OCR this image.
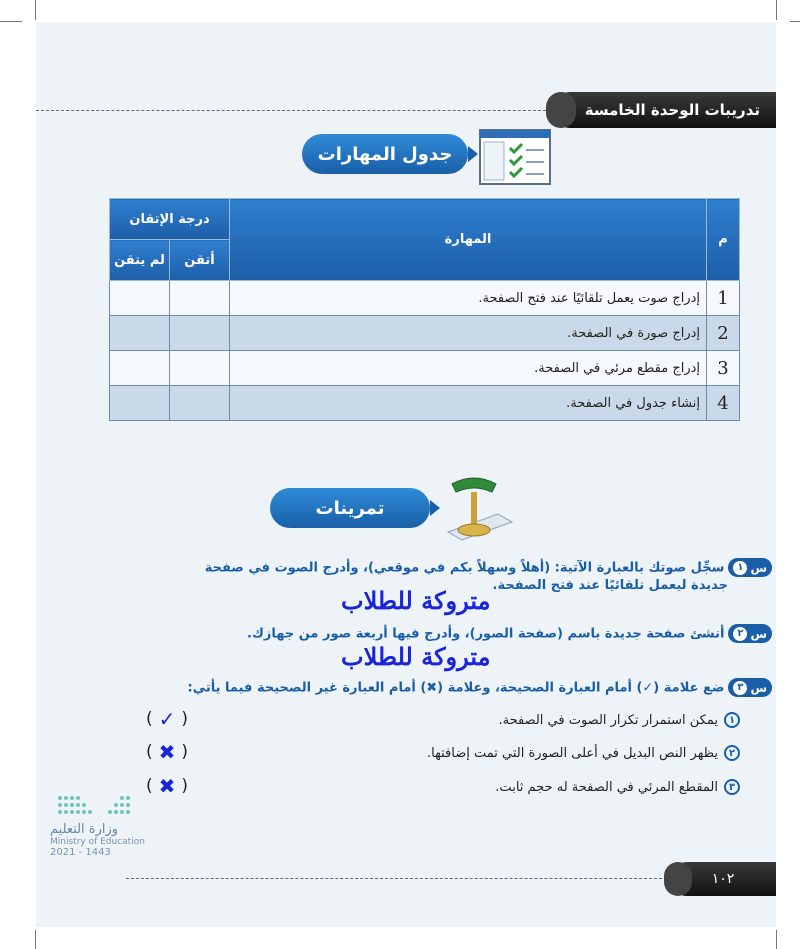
تدريبات الوحدة الخامسة
جدول المهارات
م	المهارة	درجة الإتقان	
		أتقن	لم يتقن
1	إدراج صوت يعمل تلقائيًا عند فتح الصفحة.		
2	إدراج صورة في الصفحة.		
3	إدراج مقطع مرئي في الصفحة.		
4	إنشاء جدول في الصفحة.		
تمرينات
س
١
سجِّل صوتك بالعبارة الآتية: (أهلاً وسهلاً بكم في موقعي)، وأدرج الصوت في صفحة
جديدة ليعمل تلقائيًا عند فتح الصفحة.
متروكة للطلاب
س
٢
أنشئ صفحة جديدة باسم (صفحة الصور)، وأدرج فيها أربعة صور من جهازك.
متروكة للطلاب
س
٣
ضع علامة (✓) أمام العبارة الصحيحة، وعلامة (✖) أمام العبارة غير الصحيحة فيما يأتي:
١
يمكن استمرار تكرار الصوت في الصفحة.
( ✓ )
٢
يظهر النص البديل في أعلى الصورة التي تمت إضافتها.
( ✖ )
٣
المقطع المرئي في الصفحة له حجم ثابت.
( ✖ )
وزارة التعليم
Ministry of Education
2021 - 1443
١٠٢
